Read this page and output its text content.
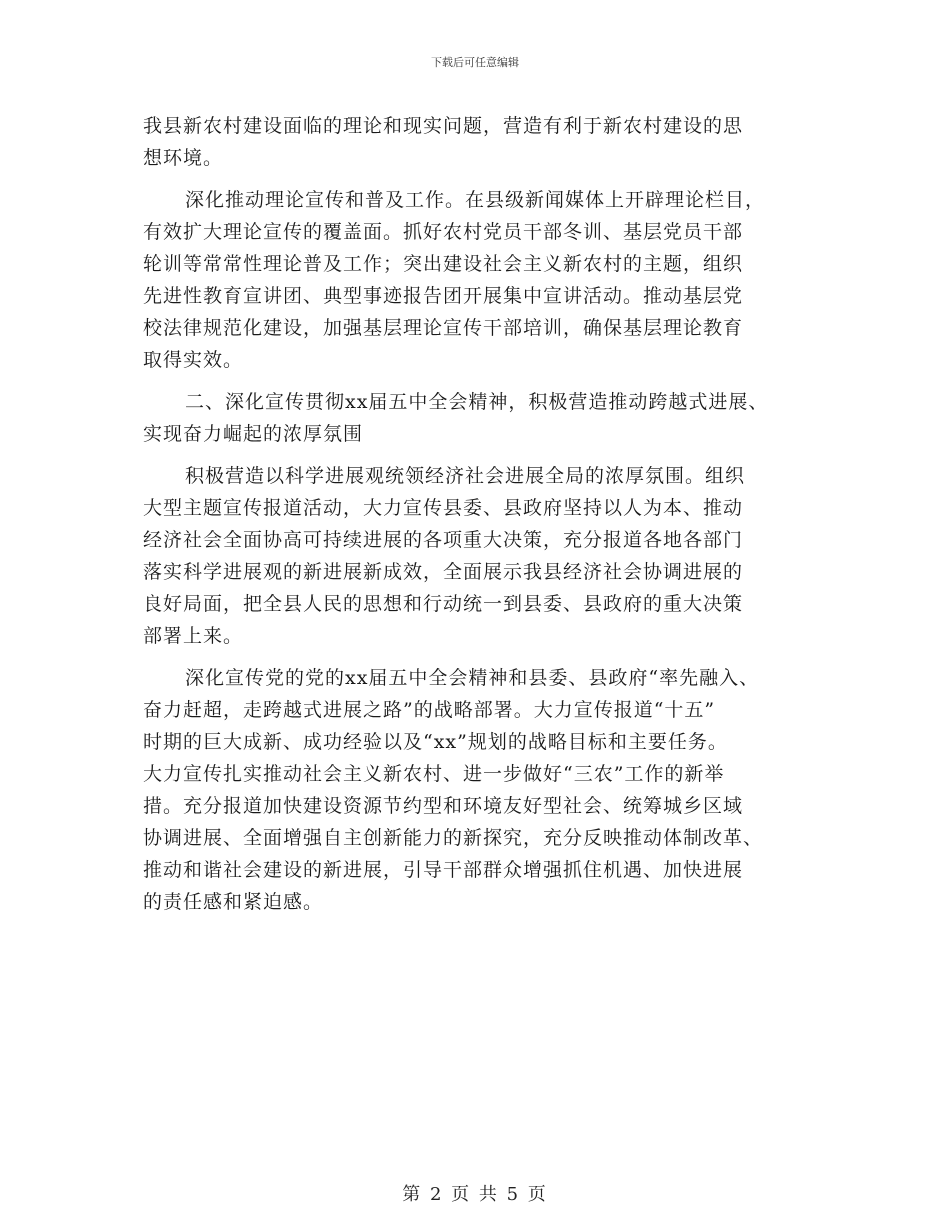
下载后可任意编辑
我县新农村建设面临的理论和现实问题，营造有利于新农村建设的思
想环境。
深化推动理论宣传和普及工作。在县级新闻媒体上开辟理论栏目，
有效扩大理论宣传的覆盖面。抓好农村党员干部冬训、基层党员干部
轮训等常常性理论普及工作；突出建设社会主义新农村的主题，组织
先进性教育宣讲团、典型事迹报告团开展集中宣讲活动。推动基层党
校法律规范化建设，加强基层理论宣传干部培训，确保基层理论教育
取得实效。
二、深化宣传贯彻xx届五中全会精神，积极营造推动跨越式进展、
实现奋力崛起的浓厚氛围
积极营造以科学进展观统领经济社会进展全局的浓厚氛围。组织
大型主题宣传报道活动，大力宣传县委、县政府坚持以人为本、推动
经济社会全面协高可持续进展的各项重大决策，充分报道各地各部门
落实科学进展观的新进展新成效，全面展示我县经济社会协调进展的
良好局面，把全县人民的思想和行动统一到县委、县政府的重大决策
部署上来。
深化宣传党的党的xx届五中全会精神和县委、县政府“率先融入、
奋力赶超，走跨越式进展之路”的战略部署。大力宣传报道“十五”
时期的巨大成新、成功经验以及“xx”规划的战略目标和主要任务。
大力宣传扎实推动社会主义新农村、进一步做好“三农”工作的新举
措。充分报道加快建设资源节约型和环境友好型社会、统筹城乡区域
协调进展、全面增强自主创新能力的新探究，充分反映推动体制改革、
推动和谐社会建设的新进展，引导干部群众增强抓住机遇、加快进展
的责任感和紧迫感。
第 2 页 共 5 页
